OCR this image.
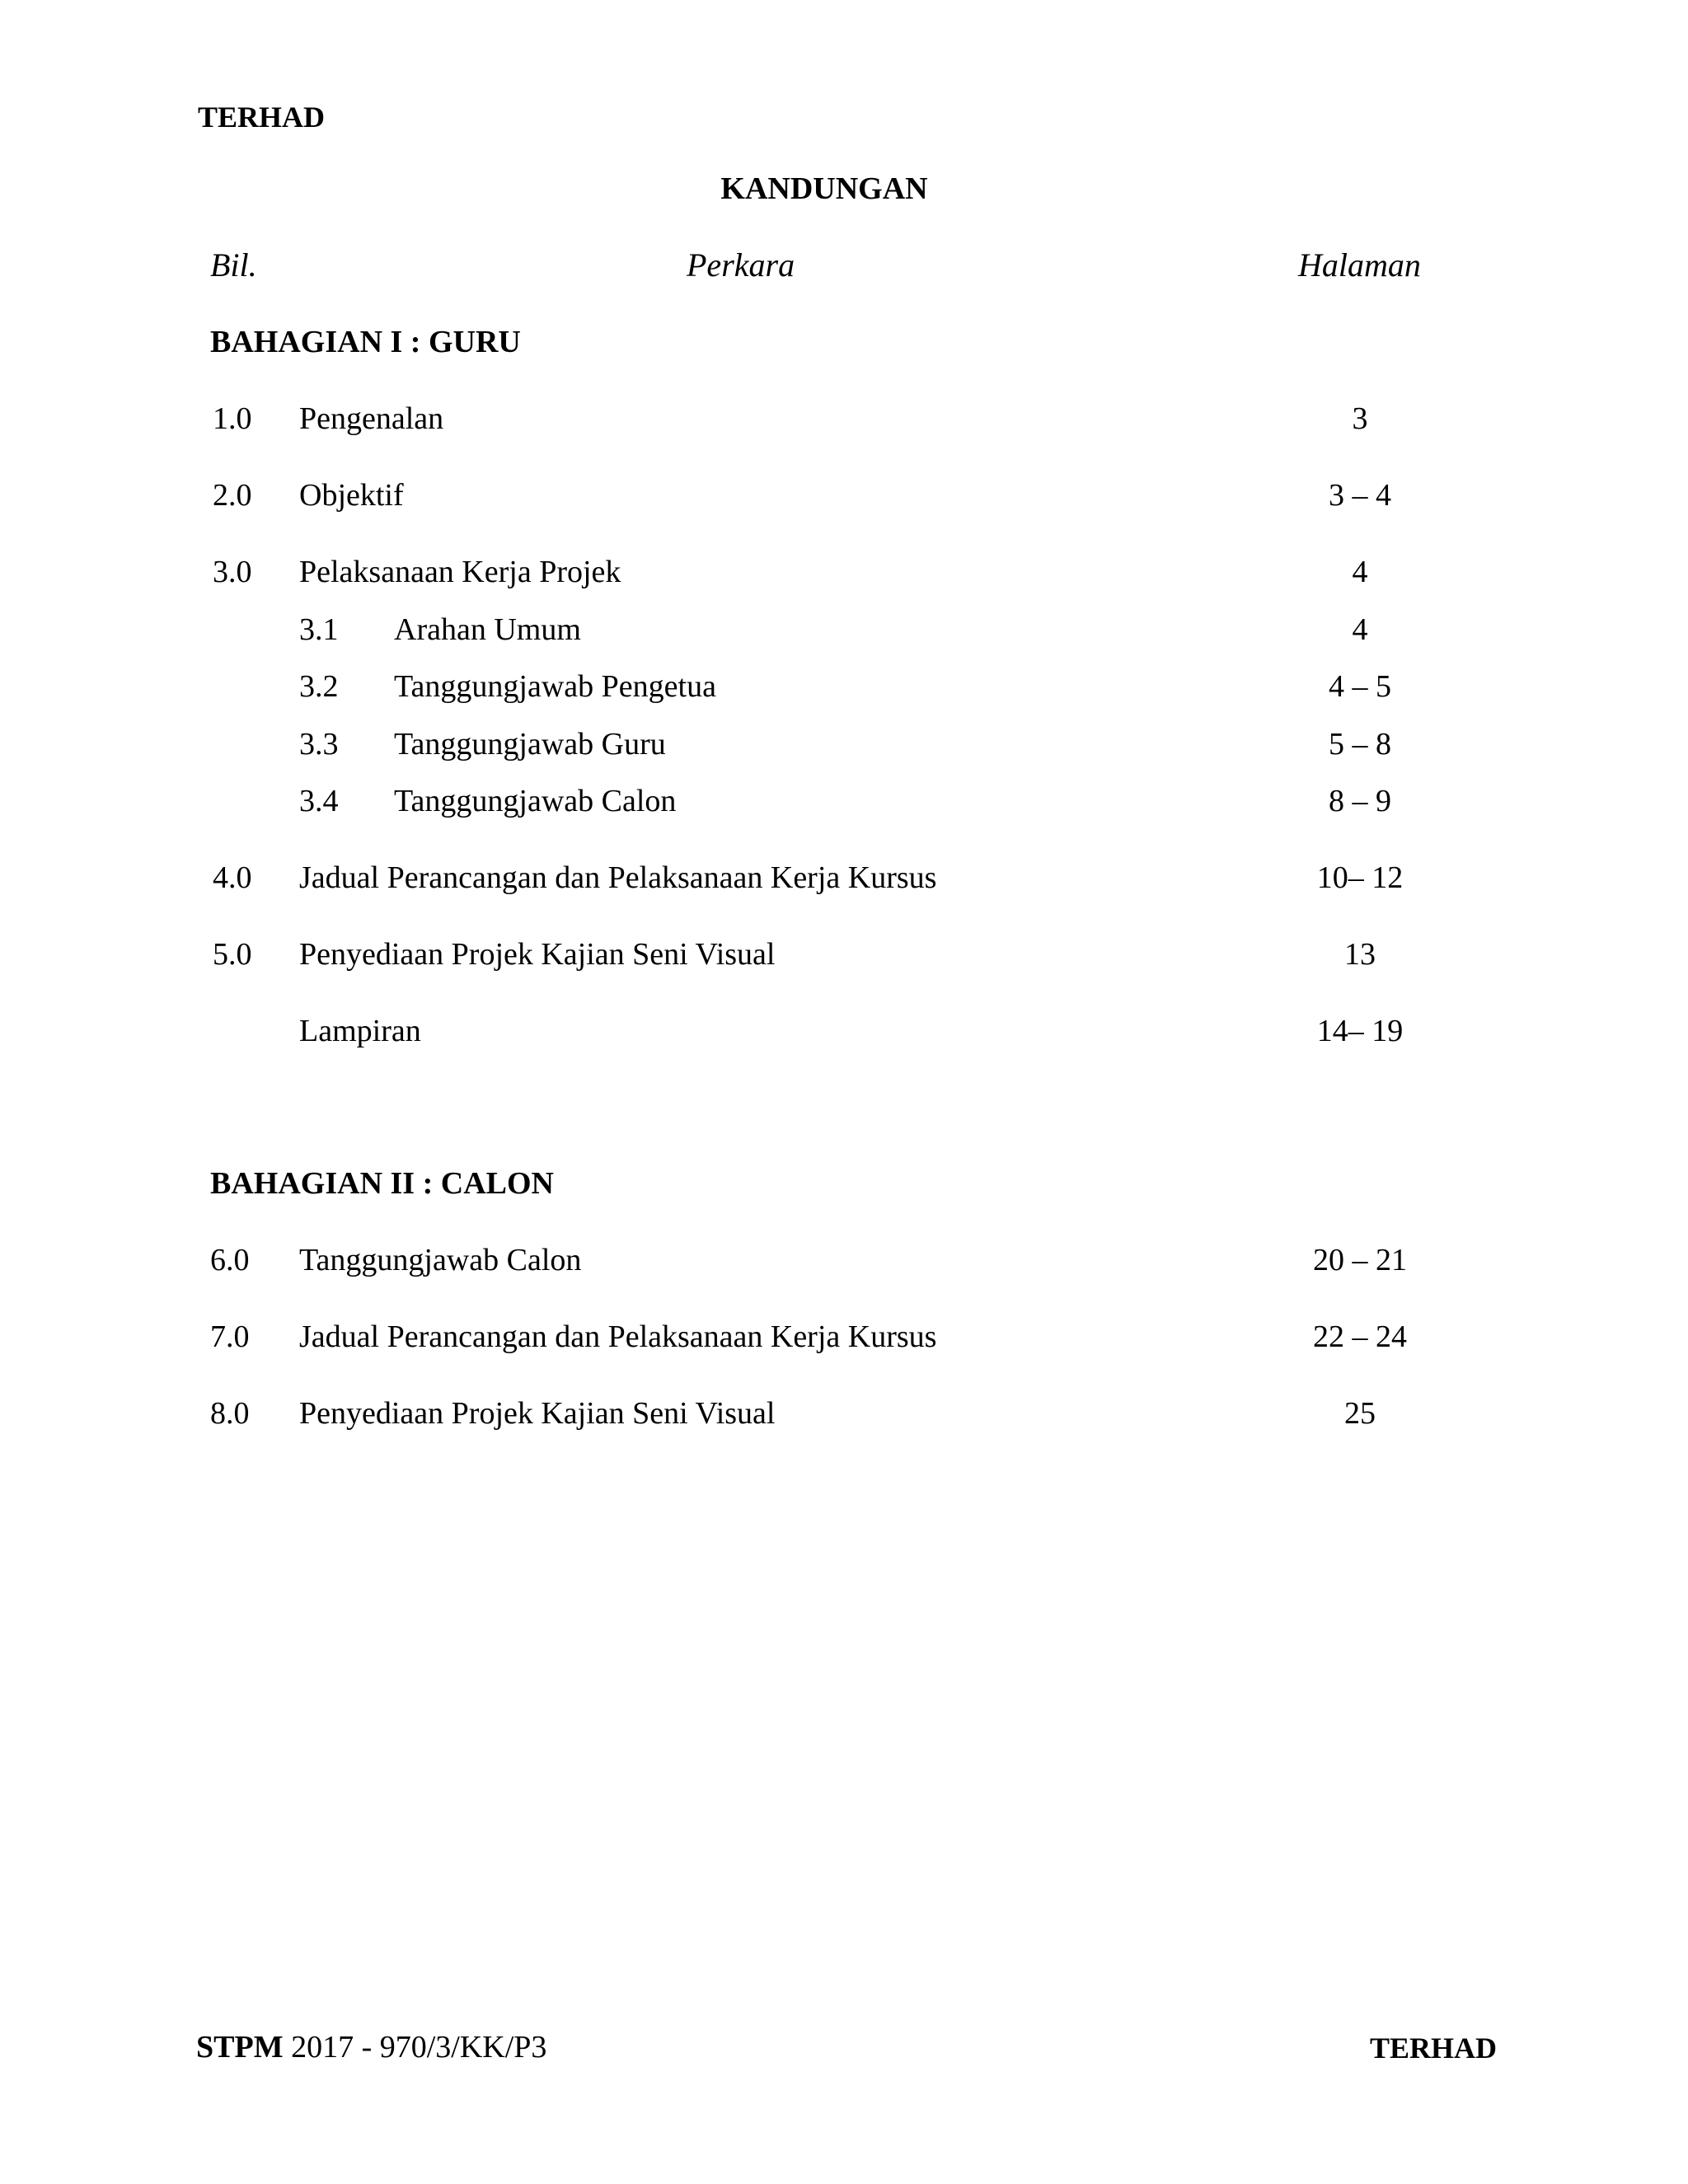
TERHAD
KANDUNGAN
Bil.	Perkara	Halaman
BAHAGIAN I : GURU
1.0 Pengenalan	3
2.0 Objektif	3 – 4
3.0 Pelaksanaan Kerja Projek	4
3.1 Arahan Umum	4
3.2 Tanggungjawab Pengetua	4 – 5
3.3 Tanggungjawab Guru	5 – 8
3.4 Tanggungjawab Calon	8 – 9
4.0 Jadual Perancangan dan Pelaksanaan Kerja Kursus	10– 12
5.0 Penyediaan Projek Kajian Seni Visual	13
Lampiran	14– 19
BAHAGIAN II : CALON
6.0 Tanggungjawab Calon	20 – 21
7.0 Jadual Perancangan dan Pelaksanaan Kerja Kursus	22 – 24
8.0 Penyediaan Projek Kajian Seni Visual	25
STPM 2017 - 970/3/KK/P3	TERHAD
